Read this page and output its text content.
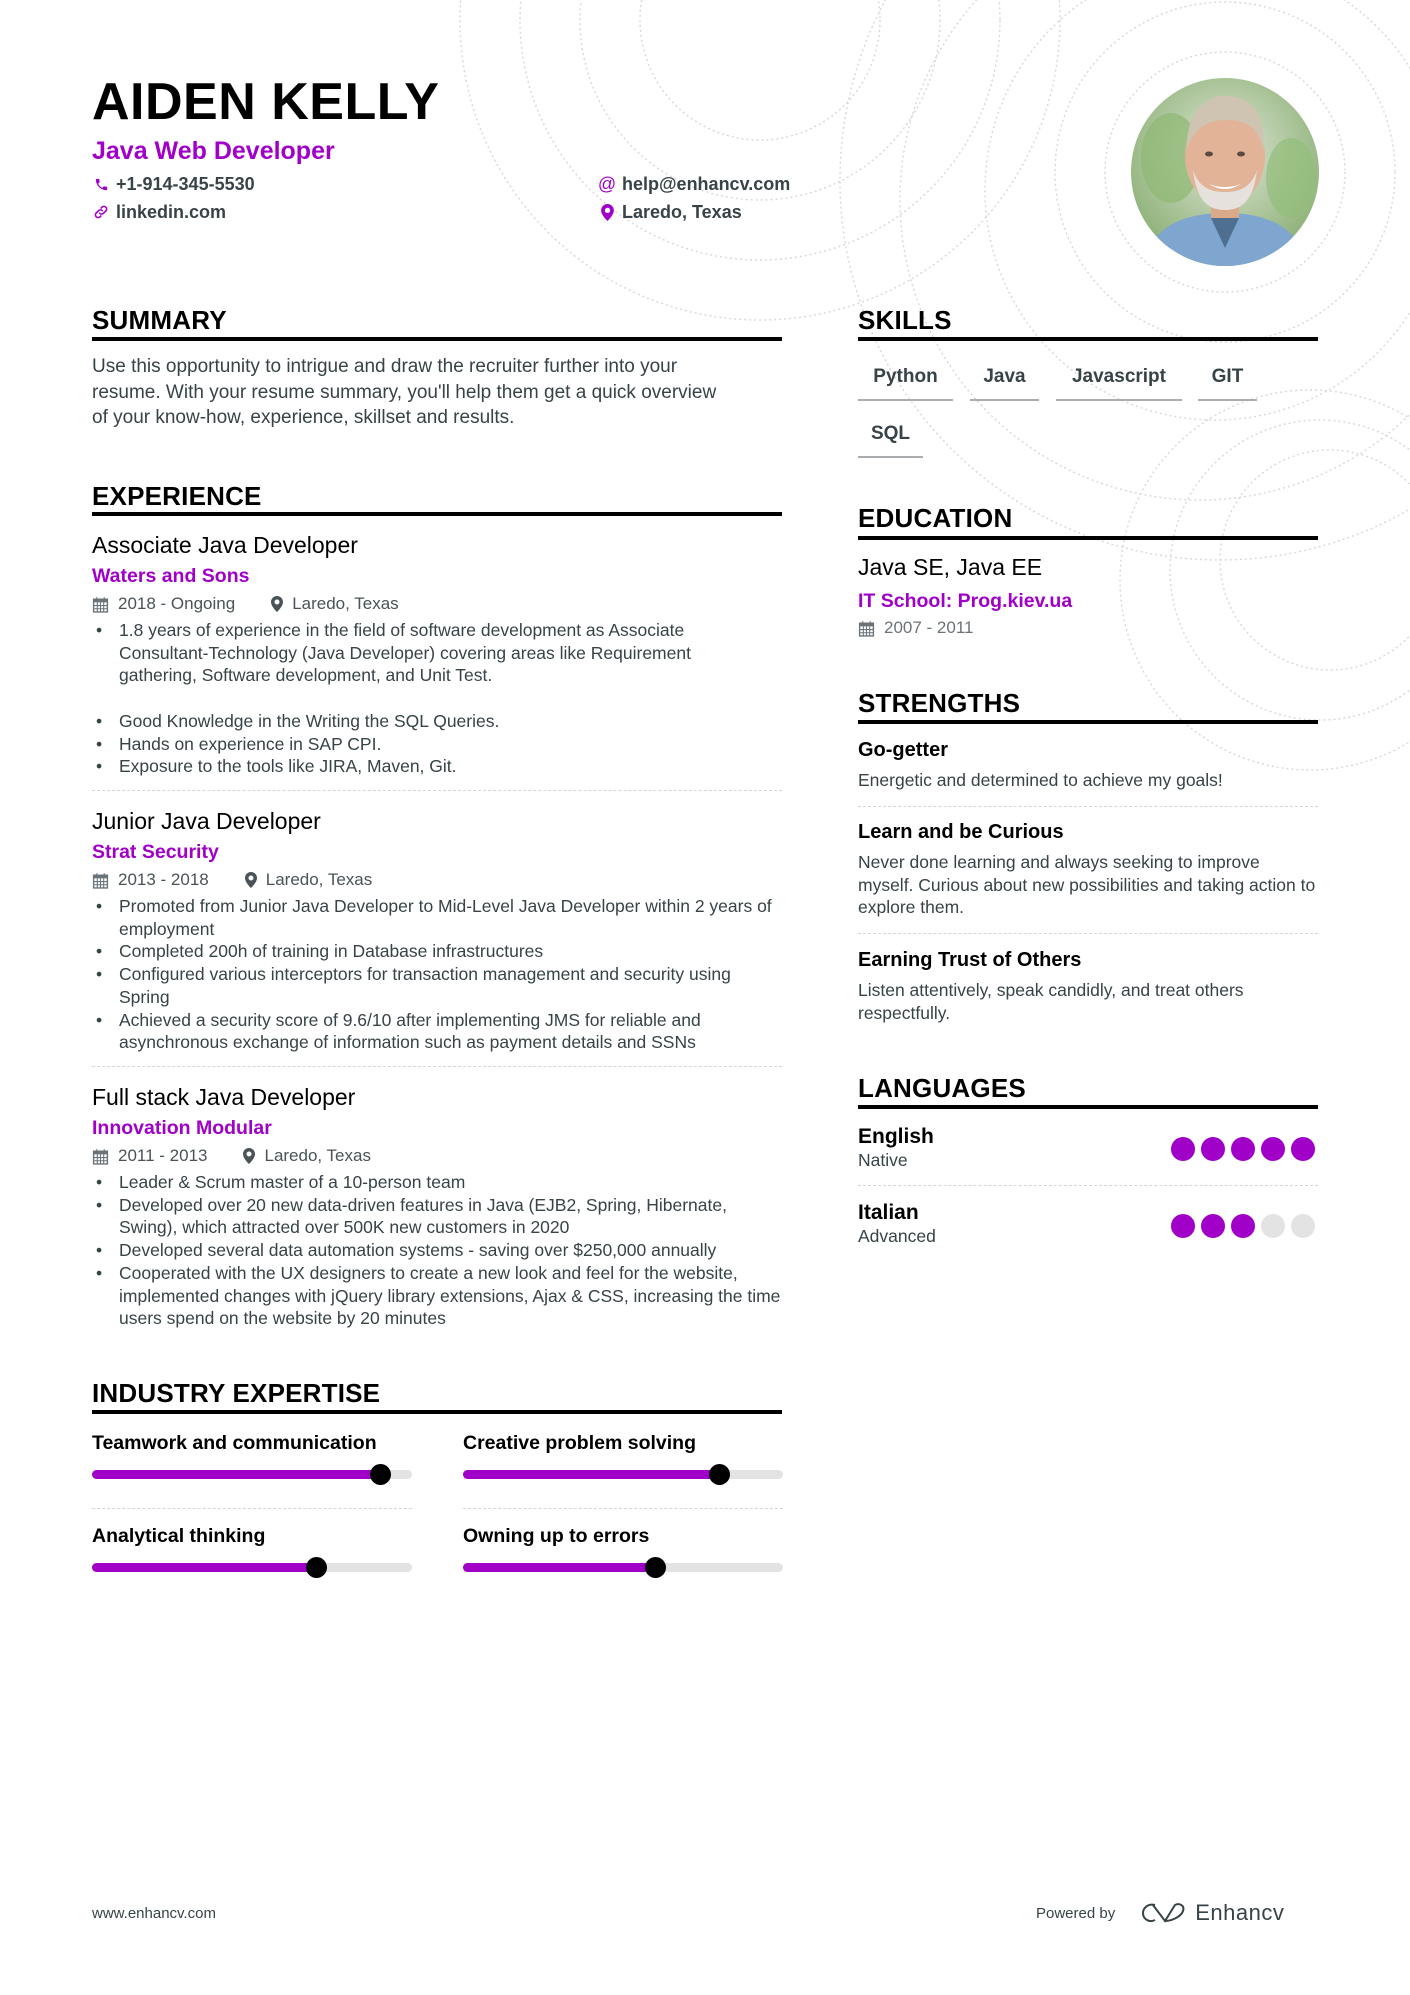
AIDEN KELLY
Java Web Developer
+1-914-345-5530
linkedin.com
@ help@enhancv.com
Laredo, Texas
SUMMARY
Use this opportunity to intrigue and draw the recruiter further into your
resume. With your resume summary, you'll help them get a quick overview
of your know-how, experience, skillset and results.
EXPERIENCE
Associate Java Developer
Waters and Sons
2018 - Ongoing	Laredo, Texas
• 1.8 years of experience in the field of software development as Associate Consultant-Technology (Java Developer) covering areas like Requirement gathering, Software development, and Unit Test.
• Good Knowledge in the Writing the SQL Queries.
• Hands on experience in SAP CPI.
• Exposure to the tools like JIRA, Maven, Git.
Junior Java Developer
Strat Security
2013 - 2018	Laredo, Texas
• Promoted from Junior Java Developer to Mid-Level Java Developer within 2 years of employment
• Completed 200h of training in Database infrastructures
• Configured various interceptors for transaction management and security using Spring
• Achieved a security score of 9.6/10 after implementing JMS for reliable and asynchronous exchange of information such as payment details and SSNs
Full stack Java Developer
Innovation Modular
2011 - 2013	Laredo, Texas
• Leader & Scrum master of a 10-person team
• Developed over 20 new data-driven features in Java (EJB2, Spring, Hibernate, Swing), which attracted over 500K new customers in 2020
• Developed several data automation systems - saving over $250,000 annually
• Cooperated with the UX designers to create a new look and feel for the website, implemented changes with jQuery library extensions, Ajax & CSS, increasing the time users spend on the website by 20 minutes
INDUSTRY EXPERTISE
Teamwork and communication	Creative problem solving
Analytical thinking	Owning up to errors
SKILLS
Python	Java	Javascript	GIT
SQL
EDUCATION
Java SE, Java EE
IT School: Prog.kiev.ua
2007 - 2011
STRENGTHS
Go-getter
Energetic and determined to achieve my goals!
Learn and be Curious
Never done learning and always seeking to improve myself. Curious about new possibilities and taking action to explore them.
Earning Trust of Others
Listen attentively, speak candidly, and treat others respectfully.
LANGUAGES
English
Native
Italian
Advanced
www.enhancv.com	Powered by	Enhancv
